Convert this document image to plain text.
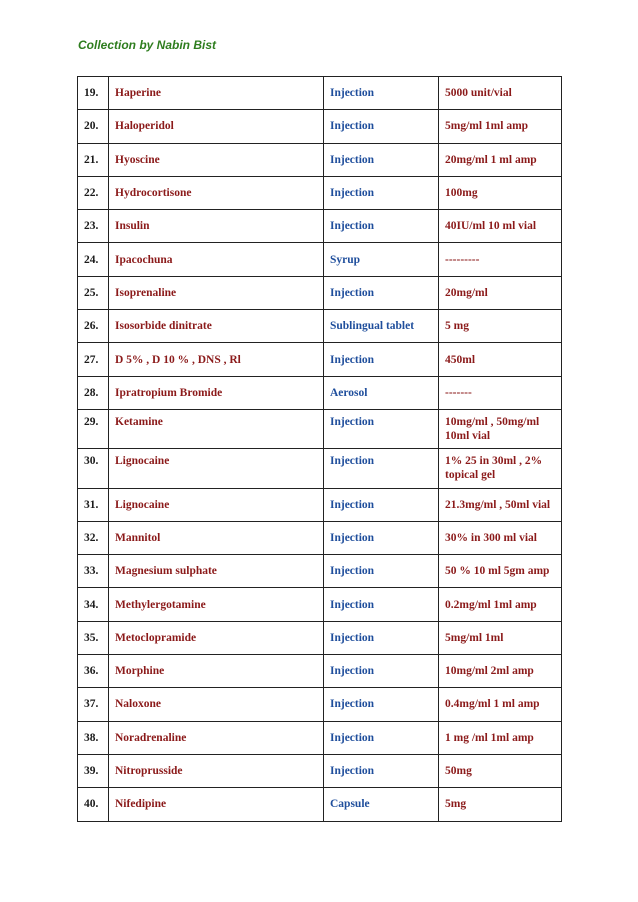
Collection by Nabin Bist
19.	Haperine	Injection	5000 unit/vial
20.	Haloperidol	Injection	5mg/ml 1ml amp
21.	Hyoscine	Injection	20mg/ml 1 ml amp
22.	Hydrocortisone	Injection	100mg
23.	Insulin	Injection	40IU/ml 10 ml vial
24.	Ipacochuna	Syrup	---------
25.	Isoprenaline	Injection	20mg/ml
26.	Isosorbide dinitrate	Sublingual tablet	5 mg
27.	D 5% , D 10 % , DNS , Rl	Injection	450ml
28.	Ipratropium Bromide	Aerosol	-------
29.	Ketamine	Injection	10mg/ml , 50mg/ml 10ml vial
30.	Lignocaine	Injection	1% 25 in 30ml , 2% topical gel
31.	Lignocaine	Injection	21.3mg/ml , 50ml vial
32.	Mannitol	Injection	30% in 300 ml vial
33.	Magnesium sulphate	Injection	50 % 10 ml 5gm amp
34.	Methylergotamine	Injection	0.2mg/ml 1ml amp
35.	Metoclopramide	Injection	5mg/ml 1ml
36.	Morphine	Injection	10mg/ml 2ml amp
37.	Naloxone	Injection	0.4mg/ml 1 ml amp
38.	Noradrenaline	Injection	1 mg /ml 1ml amp
39.	Nitroprusside	Injection	50mg
40.	Nifedipine	Capsule	5mg
